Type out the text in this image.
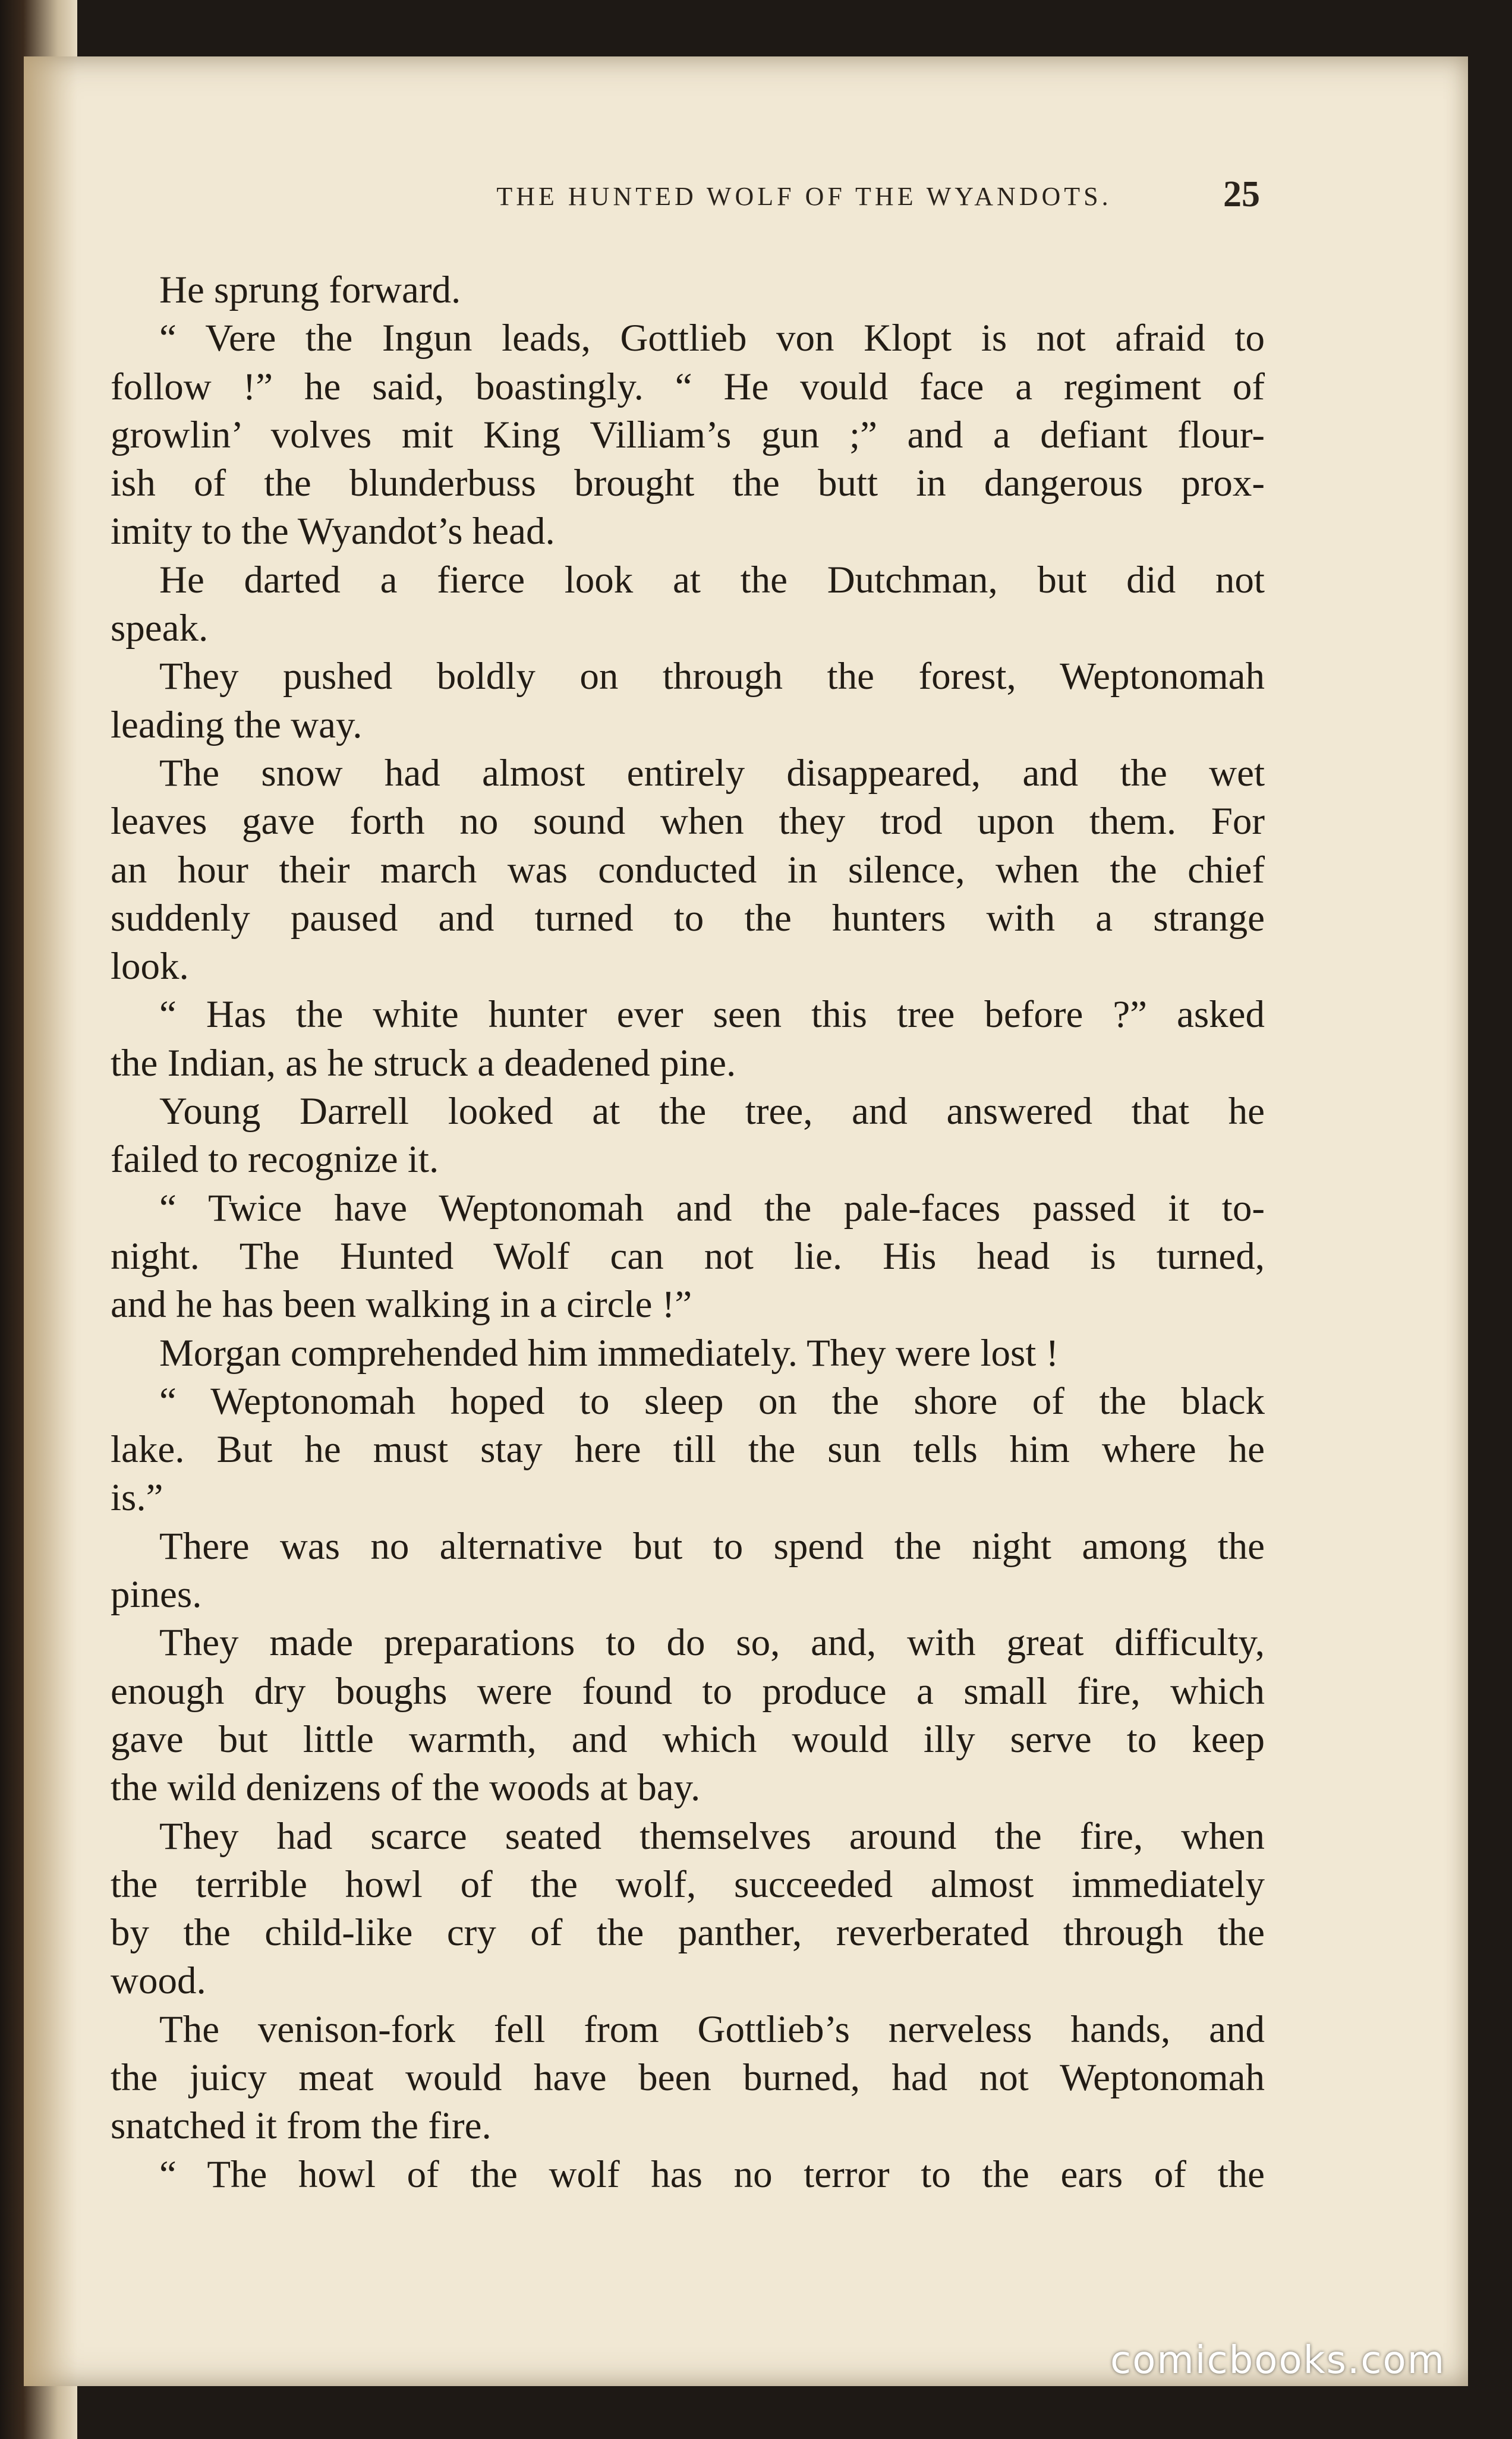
THE HUNTED WOLF OF THE WYANDOTS.	25
He sprung forward.
“ Vere the Ingun leads, Gottlieb von Klopt is not afraid to
follow !” he said, boastingly. “ He vould face a regiment of
growlin’ volves mit King Villiam’s gun ;” and a defiant flour-
ish of the blunderbuss brought the butt in dangerous prox-
imity to the Wyandot’s head.
He darted a fierce look at the Dutchman, but did not
speak.
They pushed boldly on through the forest, Weptonomah
leading the way.
The snow had almost entirely disappeared, and the wet
leaves gave forth no sound when they trod upon them. For
an hour their march was conducted in silence, when the chief
suddenly paused and turned to the hunters with a strange
look.
“ Has the white hunter ever seen this tree before ?” asked
the Indian, as he struck a deadened pine.
Young Darrell looked at the tree, and answered that he
failed to recognize it.
“ Twice have Weptonomah and the pale-faces passed it to-
night. The Hunted Wolf can not lie. His head is turned,
and he has been walking in a circle !”
Morgan comprehended him immediately. They were lost !
“ Weptonomah hoped to sleep on the shore of the black
lake. But he must stay here till the sun tells him where he
is.”
There was no alternative but to spend the night among the
pines.
They made preparations to do so, and, with great difficulty,
enough dry boughs were found to produce a small fire, which
gave but little warmth, and which would illy serve to keep
the wild denizens of the woods at bay.
They had scarce seated themselves around the fire, when
the terrible howl of the wolf, succeeded almost immediately
by the child-like cry of the panther, reverberated through the
wood.
The venison-fork fell from Gottlieb’s nerveless hands, and
the juicy meat would have been burned, had not Weptonomah
snatched it from the fire.
“ The howl of the wolf has no terror to the ears of the
comicbooks.com
